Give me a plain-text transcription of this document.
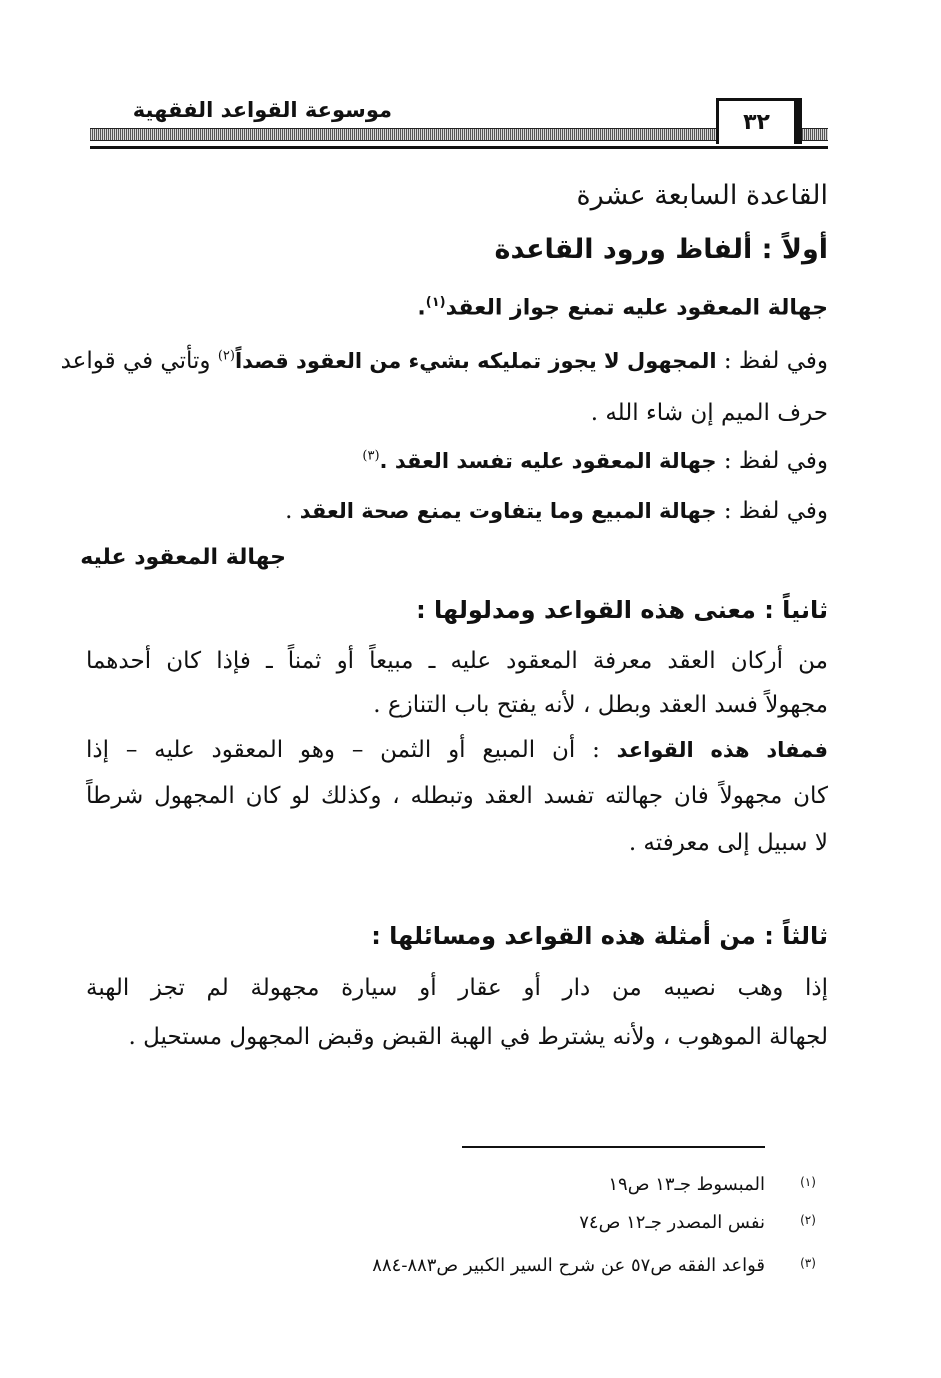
موسوعة القواعد الفقهية	٣٢
القاعدة السابعة عشرة
أولاً : ألفاظ ورود القاعدة
جهالة المعقود عليه تمنع جواز العقد$^{(١)}$.
وفي لفظ : المجهول لا يجوز تمليكه بشيء من العقود قصداً$^{(٢)}$ وتأتي في قواعد
حرف الميم إن شاء الله .
وفي لفظ : جهالة المعقود عليه تفسد العقد .$^{(٣)}$
وفي لفظ : جهالة المبيع وما يتفاوت يمنع صحة العقد .
جهالة المعقود عليه
ثانياً : معنى هذه القواعد ومدلولها :
من أركان العقد معرفة المعقود عليه ـ مبيعاً أو ثمناً ـ فإذا كان أحدهما
مجهولاً فسد العقد وبطل ، لأنه يفتح باب التنازع .
فمفاد هذه القواعد : أن المبيع أو الثمن – وهو المعقود عليه – إذا
كان مجهولاً فان جهالته تفسد العقد وتبطله ، وكذلك لو كان المجهول شرطاً
لا سبيل إلى معرفته .
ثالثاً : من أمثلة هذه القواعد ومسائلها :
إذا وهب نصيبه من دار أو عقار أو سيارة مجهولة لم تجز الهبة
لجهالة الموهوب ، ولأنه يشترط في الهبة القبض وقبض المجهول مستحيل .
(١)
المبسوط جـ١٣ ص١٩
(٢)
نفس المصدر جـ١٢ ص٧٤
(٣)
قواعد الفقه ص٥٧ عن شرح السير الكبير ص٨٨٣-٨٨٤
